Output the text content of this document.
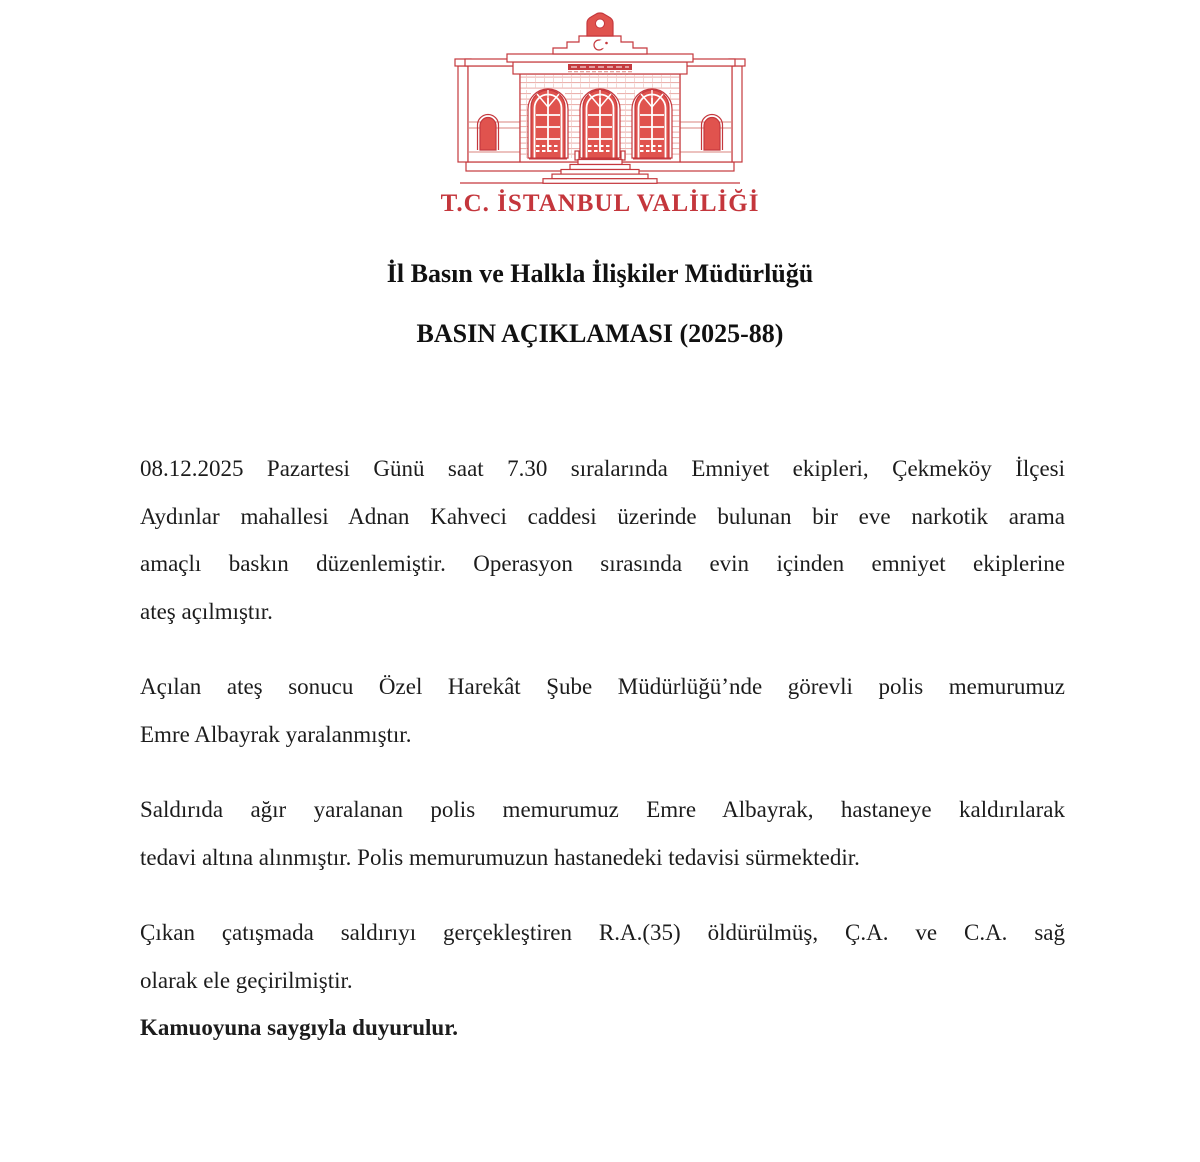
T.C. İSTANBUL VALİLİĞİ
İl Basın ve Halkla İlişkiler Müdürlüğü
BASIN AÇIKLAMASI (2025-88)
08.12.2025 Pazartesi Günü saat 7.30 sıralarında Emniyet ekipleri, Çekmeköy İlçesi
Aydınlar mahallesi Adnan Kahveci caddesi üzerinde bulunan bir eve narkotik arama
amaçlı baskın düzenlemiştir. Operasyon sırasında evin içinden emniyet ekiplerine
ateş açılmıştır.
Açılan ateş sonucu Özel Harekât Şube Müdürlüğü’nde görevli polis memurumuz
Emre Albayrak yaralanmıştır.
Saldırıda ağır yaralanan polis memurumuz Emre Albayrak, hastaneye kaldırılarak
tedavi altına alınmıştır. Polis memurumuzun hastanedeki tedavisi sürmektedir.
Çıkan çatışmada saldırıyı gerçekleştiren R.A.(35) öldürülmüş, Ç.A. ve C.A. sağ
olarak ele geçirilmiştir.

Kamuoyuna saygıyla duyurulur.
